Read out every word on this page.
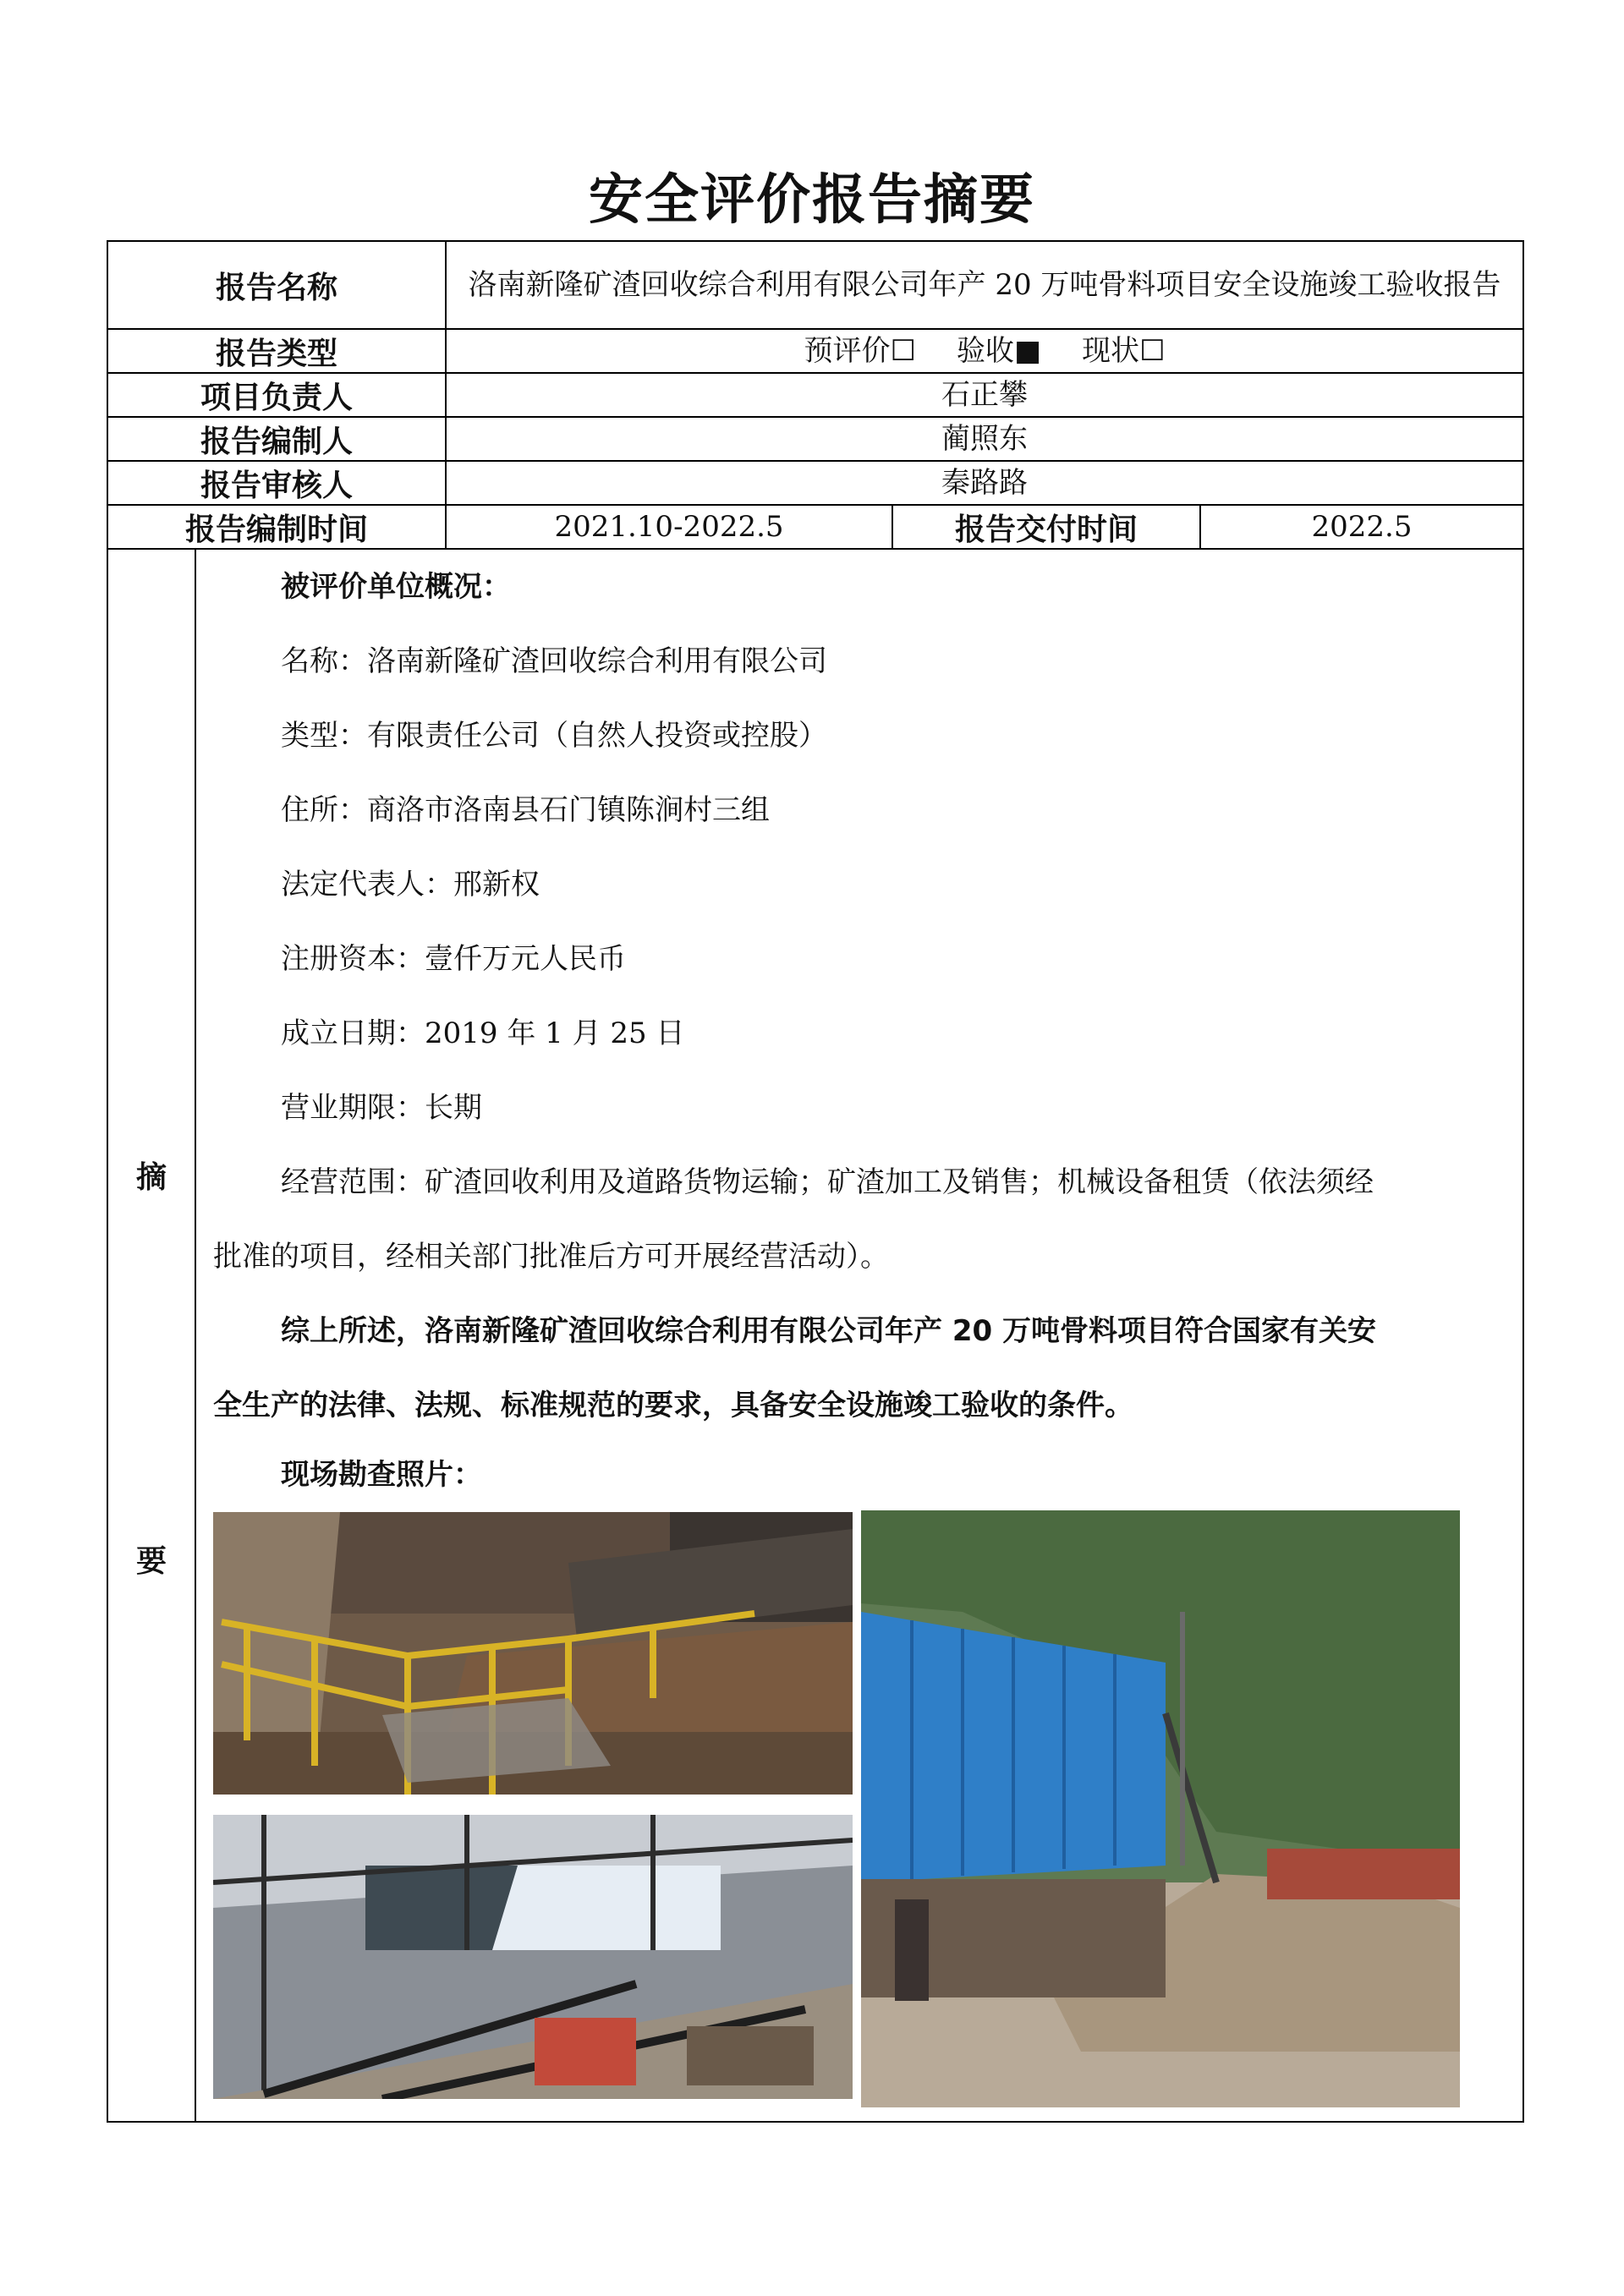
安全评价报告摘要
报告名称	洛南新隆矿渣回收综合利用有限公司年产 20 万吨骨料项目安全设施竣工验收报告
报告类型	预评价☐ 验收■ 现状☐
项目负责人	石正攀
报告编制人	蔺照东
报告审核人	秦路路
报告编制时间	2021.10-2022.5	报告交付时间	2022.5
摘
要
被评价单位概况：
名称：洛南新隆矿渣回收综合利用有限公司
类型：有限责任公司（自然人投资或控股）
住所：商洛市洛南县石门镇陈涧村三组
法定代表人：邢新权
注册资本：壹仟万元人民币
成立日期：2019 年 1 月 25 日
营业期限：长期
经营范围：矿渣回收利用及道路货物运输；矿渣加工及销售；机械设备租赁（依法须经
批准的项目，经相关部门批准后方可开展经营活动）。
综上所述，洛南新隆矿渣回收综合利用有限公司年产 20 万吨骨料项目符合国家有关安
全生产的法律、法规、标准规范的要求，具备安全设施竣工验收的条件。
现场勘查照片：
